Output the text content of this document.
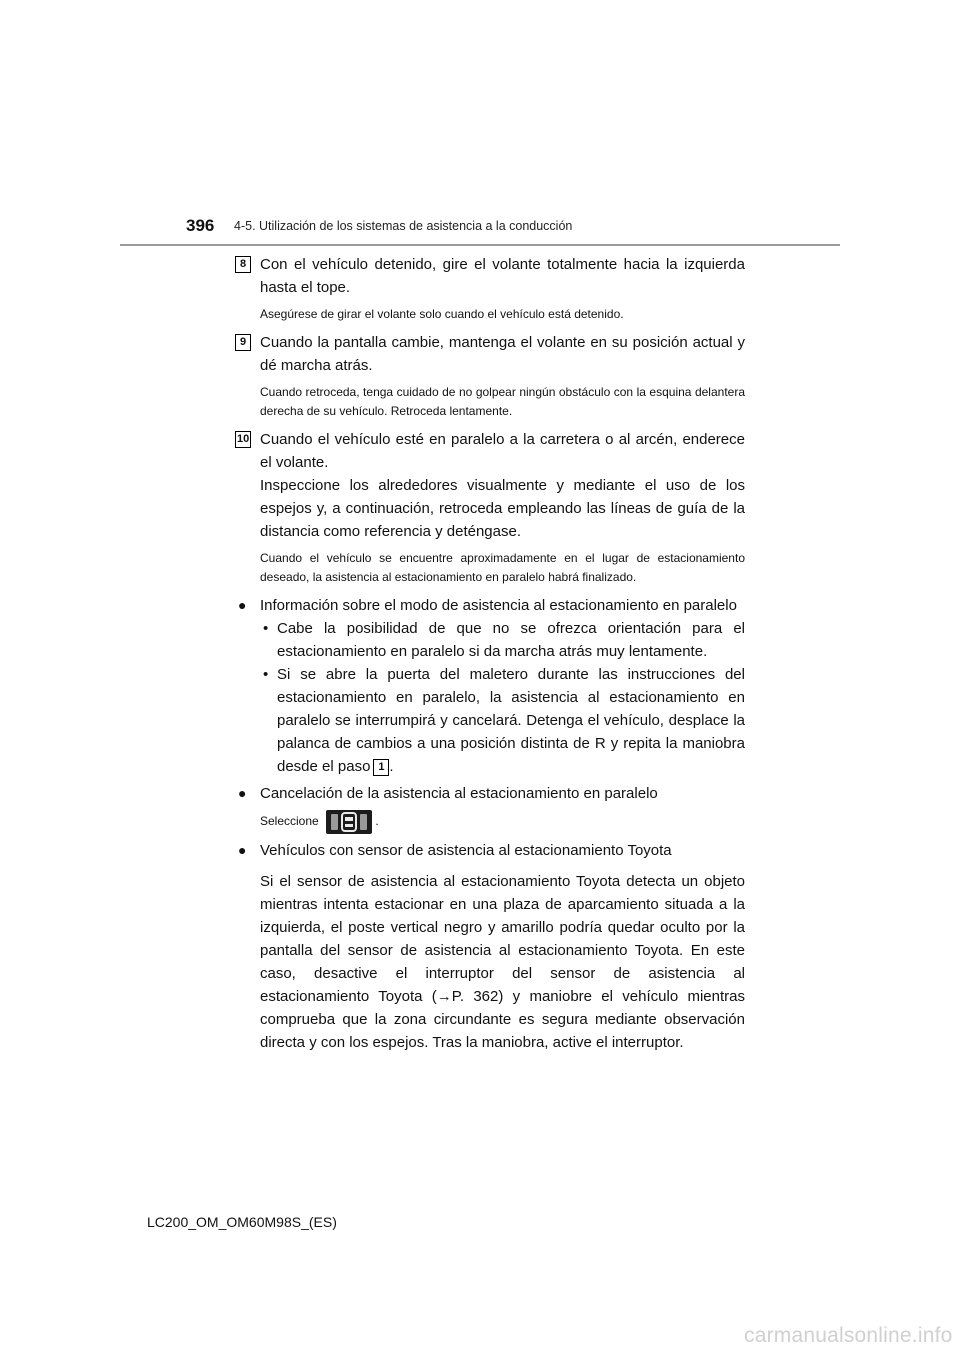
396 4-5. Utilización de los sistemas de asistencia a la conducción
8 Con el vehículo detenido, gire el volante totalmente hacia la izquierda hasta el tope.

Asegúrese de girar el volante solo cuando el vehículo está detenido.

9 Cuando la pantalla cambie, mantenga el volante en su posición actual y dé marcha atrás.

Cuando retroceda, tenga cuidado de no golpear ningún obstáculo con la esquina delantera derecha de su vehículo. Retroceda lentamente.

10 Cuando el vehículo esté en paralelo a la carretera o al arcén, enderece el volante.

Inspeccione los alrededores visualmente y mediante el uso de los espejos y, a continuación, retroceda empleando las líneas de guía de la distancia como referencia y deténgase.

Cuando el vehículo se encuentre aproximadamente en el lugar de estacionamiento deseado, la asistencia al estacionamiento en paralelo habrá finalizado.

● Información sobre el modo de asistencia al estacionamiento en paralelo

• Cabe la posibilidad de que no se ofrezca orientación para el estacionamiento en paralelo si da marcha atrás muy lentamente.

• Si se abre la puerta del maletero durante las instrucciones del estacionamiento en paralelo, la asistencia al estacionamiento en paralelo se interrumpirá y cancelará. Detenga el vehículo, desplace la palanca de cambios a una posición distinta de R y repita la maniobra desde el paso 1 .

● Cancelación de la asistencia al estacionamiento en paralelo

Seleccione	.
● Vehículos con sensor de asistencia al estacionamiento Toyota

Si el sensor de asistencia al estacionamiento Toyota detecta un objeto mientras intenta estacionar en una plaza de aparcamiento situada a la izquierda, el poste vertical negro y amarillo podría quedar oculto por la pantalla del sensor de asistencia al estacionamiento Toyota. En este caso, desactive el interruptor del sensor de asistencia al estacionamiento Toyota (→P. 362) y maniobre el vehículo mientras comprueba que la zona circundante es segura mediante observación directa y con los espejos. Tras la maniobra, active el interruptor.

LC200_OM_OM60M98S_(ES)
carmanualsonline.info
